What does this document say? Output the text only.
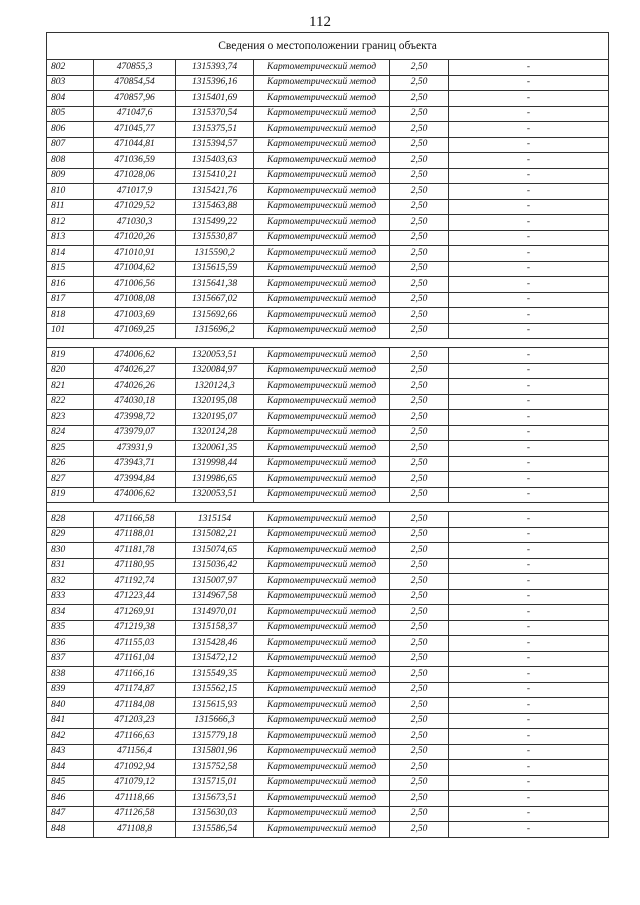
112
Сведения о местоположении границ объекта					
802	470855,3	1315393,74	Картометрический метод	2,50	-
803	470854,54	1315396,16	Картометрический метод	2,50	-
804	470857,96	1315401,69	Картометрический метод	2,50	-
805	471047,6	1315370,54	Картометрический метод	2,50	-
806	471045,77	1315375,51	Картометрический метод	2,50	-
807	471044,81	1315394,57	Картометрический метод	2,50	-
808	471036,59	1315403,63	Картометрический метод	2,50	-
809	471028,06	1315410,21	Картометрический метод	2,50	-
810	471017,9	1315421,76	Картометрический метод	2,50	-
811	471029,52	1315463,88	Картометрический метод	2,50	-
812	471030,3	1315499,22	Картометрический метод	2,50	-
813	471020,26	1315530,87	Картометрический метод	2,50	-
814	471010,91	1315590,2	Картометрический метод	2,50	-
815	471004,62	1315615,59	Картометрический метод	2,50	-
816	471006,56	1315641,38	Картометрический метод	2,50	-
817	471008,08	1315667,02	Картометрический метод	2,50	-
818	471003,69	1315692,66	Картометрический метод	2,50	-
101	471069,25	1315696,2	Картометрический метод	2,50	-

819	474006,62	1320053,51	Картометрический метод	2,50	-
820	474026,27	1320084,97	Картометрический метод	2,50	-
821	474026,26	1320124,3	Картометрический метод	2,50	-
822	474030,18	1320195,08	Картометрический метод	2,50	-
823	473998,72	1320195,07	Картометрический метод	2,50	-
824	473979,07	1320124,28	Картометрический метод	2,50	-
825	473931,9	1320061,35	Картометрический метод	2,50	-
826	473943,71	1319998,44	Картометрический метод	2,50	-
827	473994,84	1319986,65	Картометрический метод	2,50	-
819	474006,62	1320053,51	Картометрический метод	2,50	-

828	471166,58	1315154	Картометрический метод	2,50	-
829	471188,01	1315082,21	Картометрический метод	2,50	-
830	471181,78	1315074,65	Картометрический метод	2,50	-
831	471180,95	1315036,42	Картометрический метод	2,50	-
832	471192,74	1315007,97	Картометрический метод	2,50	-
833	471223,44	1314967,58	Картометрический метод	2,50	-
834	471269,91	1314970,01	Картометрический метод	2,50	-
835	471219,38	1315158,37	Картометрический метод	2,50	-
836	471155,03	1315428,46	Картометрический метод	2,50	-
837	471161,04	1315472,12	Картометрический метод	2,50	-
838	471166,16	1315549,35	Картометрический метод	2,50	-
839	471174,87	1315562,15	Картометрический метод	2,50	-
840	471184,08	1315615,93	Картометрический метод	2,50	-
841	471203,23	1315666,3	Картометрический метод	2,50	-
842	471166,63	1315779,18	Картометрический метод	2,50	-
843	471156,4	1315801,96	Картометрический метод	2,50	-
844	471092,94	1315752,58	Картометрический метод	2,50	-
845	471079,12	1315715,01	Картометрический метод	2,50	-
846	471118,66	1315673,51	Картометрический метод	2,50	-
847	471126,58	1315630,03	Картометрический метод	2,50	-
848	471108,8	1315586,54	Картометрический метод	2,50	-
